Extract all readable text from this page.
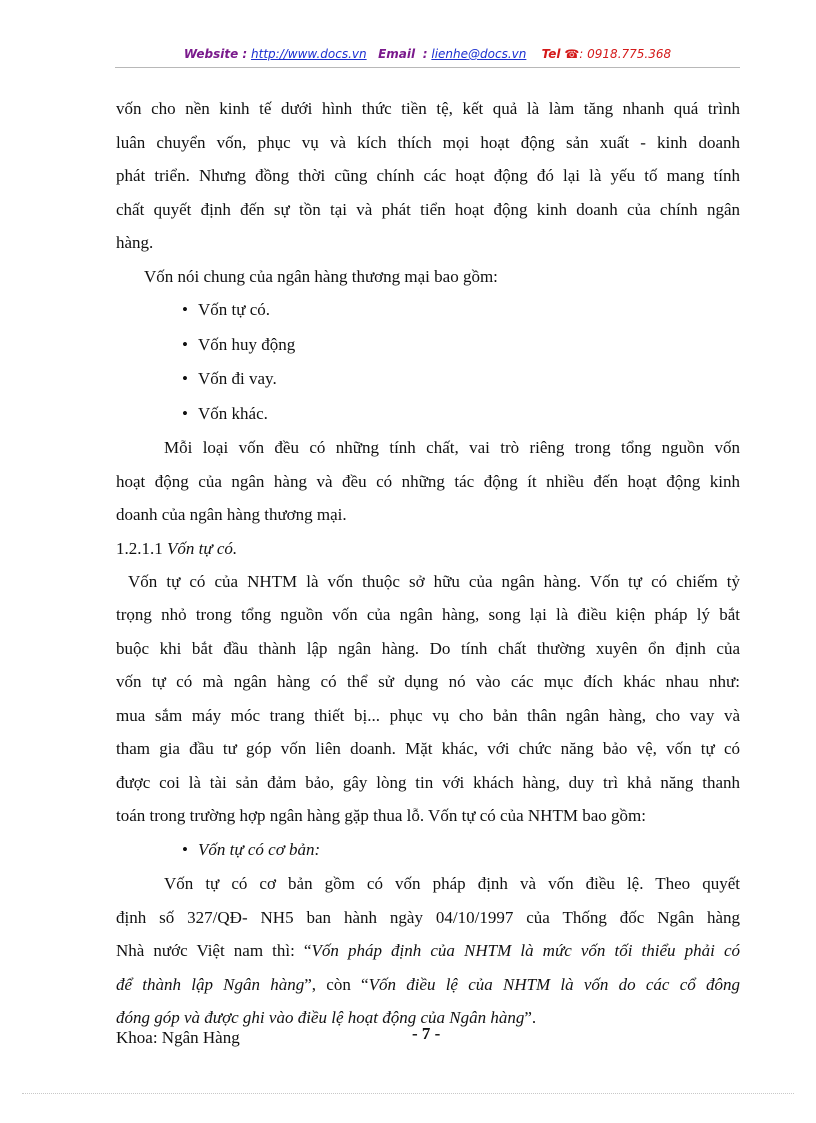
Website : http://www.docs.vn Email : lienhe@docs.vn Tel ☎: 0918.775.368

vốn cho nền kinh tế dưới hình thức tiền tệ, kết quả là làm tăng nhanh quá trình

luân chuyển vốn, phục vụ và kích thích mọi hoạt động sản xuất - kinh doanh

phát triển. Nhưng đồng thời cũng chính các hoạt động đó lại là yếu tố mang tính

chất quyết định đến sự tồn tại và phát tiển hoạt động kinh doanh của chính ngân

hàng.

Vốn nói chung của ngân hàng thương mại bao gồm:

• Vốn tự có.

• Vốn huy động

• Vốn đi vay.

• Vốn khác.

Mỗi loại vốn đều có những tính chất, vai trò riêng trong tổng nguồn vốn

hoạt động của ngân hàng và đều có những tác động ít nhiều đến hoạt động kinh

doanh của ngân hàng thương mại.

1.2.1.1 Vốn tự có.

Vốn tự có của NHTM là vốn thuộc sở hữu của ngân hàng. Vốn tự có chiếm tỷ

trọng nhỏ trong tổng nguồn vốn của ngân hàng, song lại là điều kiện pháp lý bắt

buộc khi bắt đầu thành lập ngân hàng. Do tính chất thường xuyên ổn định của

vốn tự có mà ngân hàng có thể sử dụng nó vào các mục đích khác nhau như:

mua sắm máy móc trang thiết bị... phục vụ cho bản thân ngân hàng, cho vay và

tham gia đầu tư góp vốn liên doanh. Mặt khác, với chức năng bảo vệ, vốn tự có

được coi là tài sản đảm bảo, gây lòng tin với khách hàng, duy trì khả năng thanh

toán trong trường hợp ngân hàng gặp thua lỗ. Vốn tự có của NHTM bao gồm:

• Vốn tự có cơ bản:

Vốn tự có cơ bản gồm có vốn pháp định và vốn điều lệ. Theo quyết

định số 327/QĐ- NH5 ban hành ngày 04/10/1997 của Thống đốc Ngân hàng

Nhà nước Việt nam thì: “Vốn pháp định của NHTM là mức vốn tối thiểu phải có

để thành lập Ngân hàng”, còn “Vốn điều lệ của NHTM là vốn do các cổ đông

đóng góp và được ghi vào điều lệ hoạt động của Ngân hàng”.

Khoa: Ngân Hàng	- 7 -
